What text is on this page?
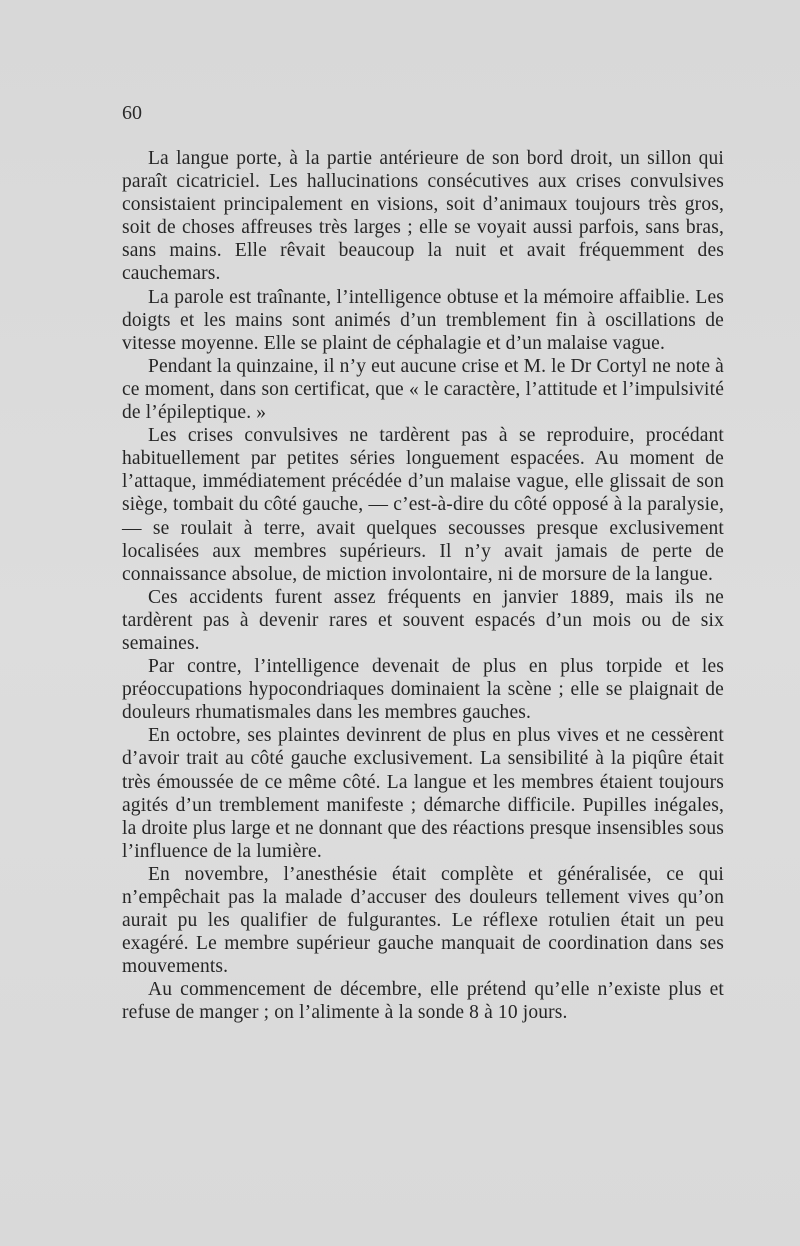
60

La langue porte, à la partie antérieure de son bord droit, un sillon qui paraît cicatriciel. Les hallucinations consécutives aux crises convulsives consistaient principalement en visions, soit d’animaux toujours très gros, soit de choses affreuses très larges ; elle se voyait aussi parfois, sans bras, sans mains. Elle rêvait beaucoup la nuit et avait fréquemment des cauchemars.

La parole est traînante, l’intelligence obtuse et la mémoire affaiblie. Les doigts et les mains sont animés d’un tremblement fin à oscillations de vitesse moyenne. Elle se plaint de céphalagie et d’un malaise vague.

Pendant la quinzaine, il n’y eut aucune crise et M. le Dr Cortyl ne note à ce moment, dans son certificat, que « le caractère, l’attitude et l’impulsivité de l’épileptique. »

Les crises convulsives ne tardèrent pas à se reproduire, procédant habituellement par petites séries longuement espacées. Au moment de l’attaque, immédiatement précédée d’un malaise vague, elle glissait de son siège, tombait du côté gauche, — c’est-à-dire du côté opposé à la paralysie, — se roulait à terre, avait quelques secousses presque exclusivement localisées aux membres supérieurs. Il n’y avait jamais de perte de connaissance absolue, de miction involontaire, ni de morsure de la langue.

Ces accidents furent assez fréquents en janvier 1889, mais ils ne tardèrent pas à devenir rares et souvent espacés d’un mois ou de six semaines.

Par contre, l’intelligence devenait de plus en plus torpide et les préoccupations hypocondriaques dominaient la scène ; elle se plaignait de douleurs rhumatismales dans les membres gauches.

En octobre, ses plaintes devinrent de plus en plus vives et ne cessèrent d’avoir trait au côté gauche exclusivement. La sensibilité à la piqûre était très émoussée de ce même côté. La langue et les membres étaient toujours agités d’un tremblement manifeste ; démarche difficile. Pupilles inégales, la droite plus large et ne donnant que des réactions presque insensibles sous l’influence de la lumière.

En novembre, l’anesthésie était complète et généralisée, ce qui n’empêchait pas la malade d’accuser des douleurs tellement vives qu’on aurait pu les qualifier de fulgurantes. Le réflexe rotulien était un peu exagéré. Le membre supérieur gauche manquait de coordination dans ses mouvements.

Au commencement de décembre, elle prétend qu’elle n’existe plus et refuse de manger ; on l’alimente à la sonde 8 à 10 jours.
